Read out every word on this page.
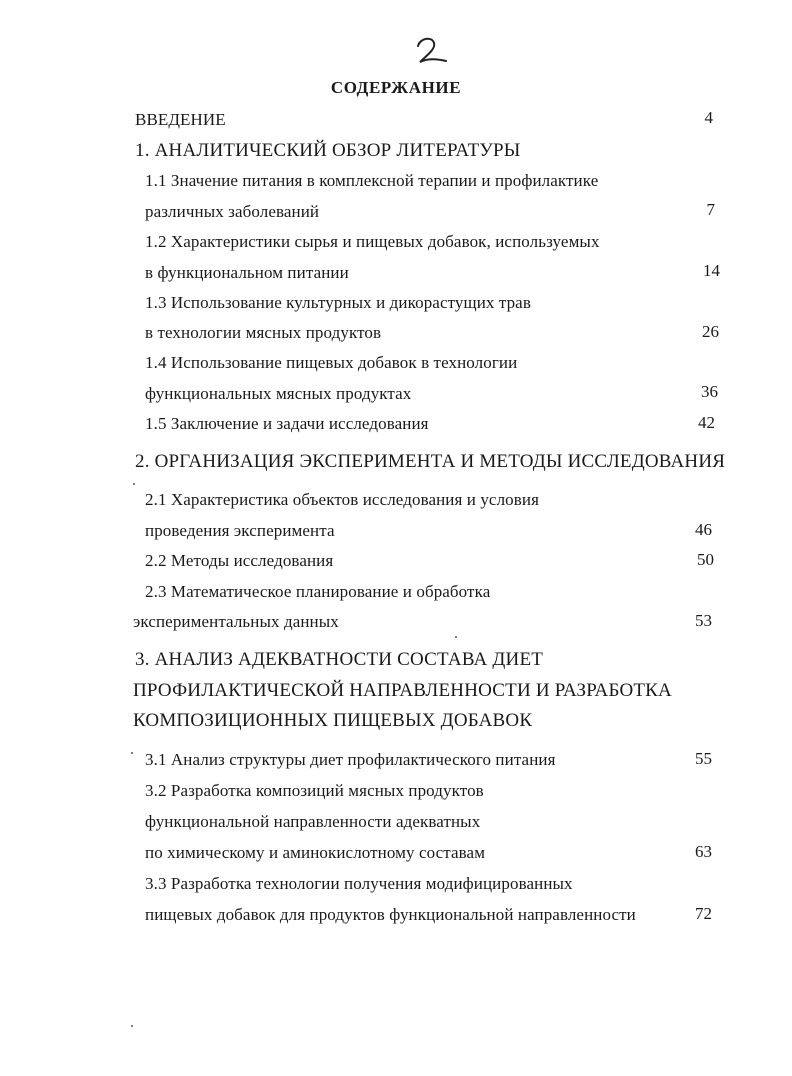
СОДЕРЖАНИЕ
ВВЕДЕНИЕ	4
1. АНАЛИТИЧЕСКИЙ ОБЗОР ЛИТЕРАТУРЫ
1.1 Значение питания в комплексной терапии и профилактике
различных заболеваний	7
1.2 Характеристики сырья и пищевых добавок, используемых
в функциональном питании	14
1.3 Использование культурных и дикорастущих трав
в технологии мясных продуктов	26
1.4 Использование пищевых добавок в технологии
функциональных мясных продуктах	36
1.5 Заключение и задачи исследования	42
2. ОРГАНИЗАЦИЯ ЭКСПЕРИМЕНТА И МЕТОДЫ ИССЛЕДОВАНИЯ
2.1 Характеристика объектов исследования и условия
проведения эксперимента	46
2.2 Методы исследования	50
2.3 Математическое планирование и обработка
экспериментальных данных	53
3. АНАЛИЗ АДЕКВАТНОСТИ СОСТАВА ДИЕТ
ПРОФИЛАКТИЧЕСКОЙ НАПРАВЛЕННОСТИ И РАЗРАБОТКА
КОМПОЗИЦИОННЫХ ПИЩЕВЫХ ДОБАВОК
3.1 Анализ структуры диет профилактического питания	55
3.2 Разработка композиций мясных продуктов
функциональной направленности адекватных
по химическому и аминокислотному составам	63
3.3 Разработка технологии получения модифицированных
пищевых добавок для продуктов функциональной направленности	72
